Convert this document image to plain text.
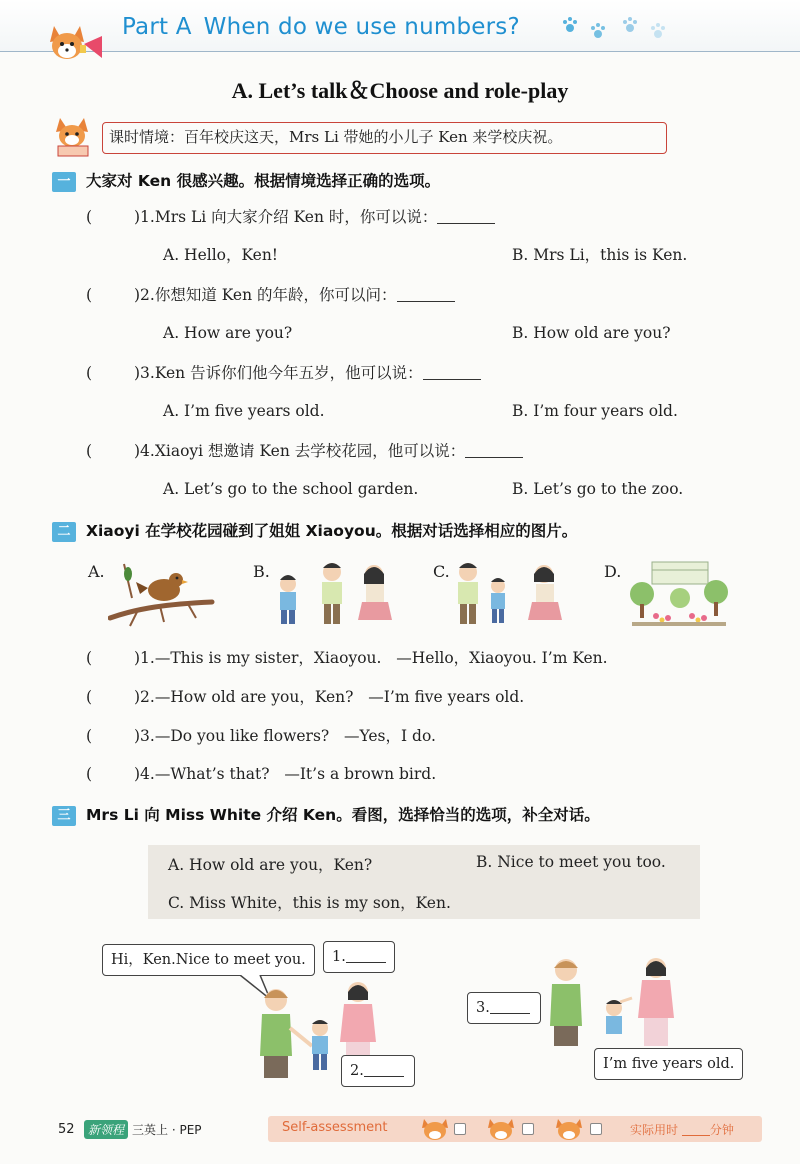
Part A When do we use numbers?
A. Let’s talk＆Choose and role-play
课时情境：百年校庆这天，Mrs Li 带她的小儿子 Ken 来学校庆祝。
一 大家对 Ken 很感兴趣。根据情境选择正确的选项。
(	)1.Mrs Li 向大家介绍 Ken 时，你可以说：
A. Hello，Ken!	B. Mrs Li，this is Ken.
(	)2.你想知道 Ken 的年龄，你可以问：
A. How are you?	B. How old are you?
(	)3.Ken 告诉你们他今年五岁，他可以说：
A. I’m five years old.	B. I’m four years old.
(	)4.Xiaoyi 想邀请 Ken 去学校花园，他可以说：
A. Let’s go to the school garden.	B. Let’s go to the zoo.
二 Xiaoyi 在学校花园碰到了姐姐 Xiaoyou。根据对话选择相应的图片。
A.	B.	C.	D.
(	)1.—This is my sister，Xiaoyou. —Hello，Xiaoyou. I’m Ken.
(	)2.—How old are you，Ken? —I’m five years old.
(	)3.—Do you like flowers? —Yes，I do.
(	)4.—What’s that? —It’s a brown bird.
三 Mrs Li 向 Miss White 介绍 Ken。看图，选择恰当的选项，补全对话。
A. How old are you，Ken?	B. Nice to meet you too.
C. Miss White，this is my son，Ken.
Hi，Ken.Nice to meet you.	1.
2.
3.
I’m five years old.
52	新领程 三英上 · PEP	Self-assessment	实际用时	分钟
